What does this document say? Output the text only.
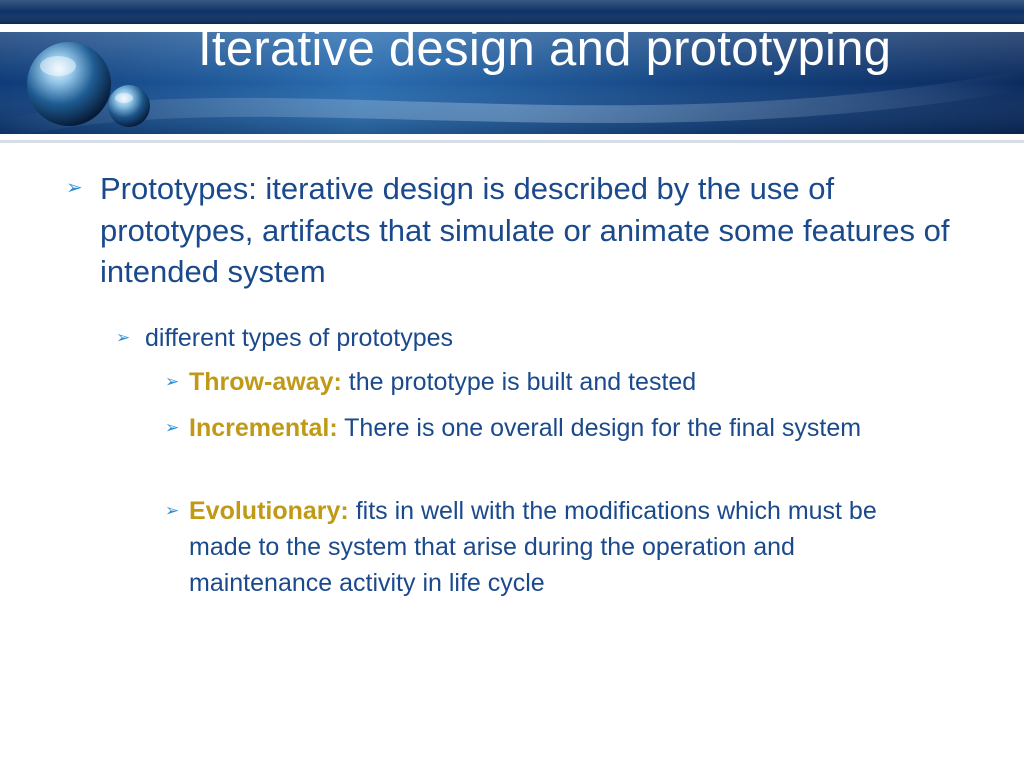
Iterative design and prototyping
➢ Prototypes: iterative design is described by the use of prototypes, artifacts that simulate or animate some features of intended system
➢ different types of prototypes
➢ Throw-away: the prototype is built and tested
➢ Incremental: There is one overall design for the final system
➢ Evolutionary: fits in well with the modifications which must be made to the system that arise during the operation and maintenance activity in life cycle
